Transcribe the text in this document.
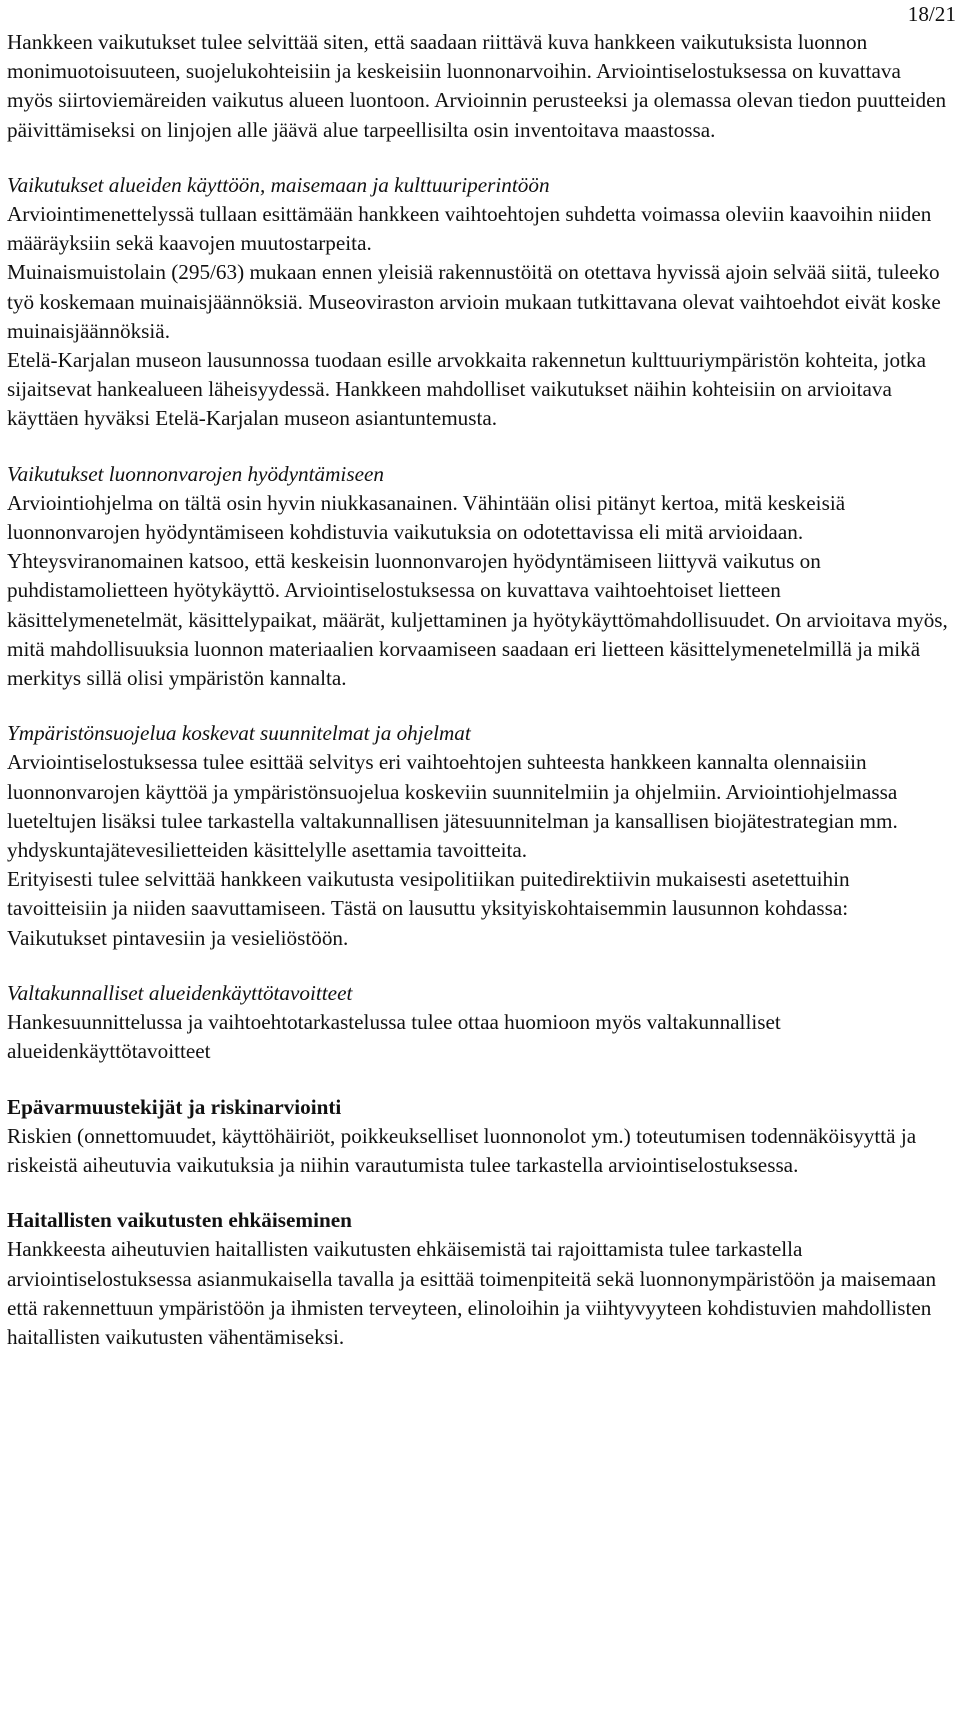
18/21

Hankkeen vaikutukset tulee selvittää siten, että saadaan riittävä kuva hankkeen vaikutuksista luonnon monimuotoisuuteen, suojelukohteisiin ja keskeisiin luonnonarvoihin. Arviointiselostuksessa on kuvattava myös siirtoviemäreiden vaikutus alueen luontoon. Arvioinnin perusteeksi ja olemassa olevan tiedon puutteiden päivittämiseksi on linjojen alle jäävä alue tarpeellisilta osin inventoitava maastossa.

Vaikutukset alueiden käyttöön, maisemaan ja kulttuuriperintöön

Arviointimenettelyssä tullaan esittämään hankkeen vaihtoehtojen suhdetta voimassa oleviin kaavoihin niiden määräyksiin sekä kaavojen muutostarpeita.

Muinaismuistolain (295/63) mukaan ennen yleisiä rakennustöitä on otettava hyvissä ajoin selvää siitä, tuleeko työ koskemaan muinaisjäännöksiä. Museoviraston arvioin mukaan tutkittavana olevat vaihtoehdot eivät koske muinaisjäännöksiä.

Etelä-Karjalan museon lausunnossa tuodaan esille arvokkaita rakennetun kulttuuriympäristön kohteita, jotka sijaitsevat hankealueen läheisyydessä. Hankkeen mahdolliset vaikutukset näihin kohteisiin on arvioitava käyttäen hyväksi Etelä-Karjalan museon asiantuntemusta.

Vaikutukset luonnonvarojen hyödyntämiseen

Arviointiohjelma on tältä osin hyvin niukkasanainen. Vähintään olisi pitänyt kertoa, mitä keskeisiä luonnonvarojen hyödyntämiseen kohdistuvia vaikutuksia on odotettavissa eli mitä arvioidaan.

Yhteysviranomainen katsoo, että keskeisin luonnonvarojen hyödyntämiseen liittyvä vaikutus on puhdistamolietteen hyötykäyttö. Arviointiselostuksessa on kuvattava vaihtoehtoiset lietteen käsittelymenetelmät, käsittelypaikat, määrät, kuljettaminen ja hyötykäyttömahdollisuudet. On arvioitava myös, mitä mahdollisuuksia luonnon materiaalien korvaamiseen saadaan eri lietteen käsittelymenetelmillä ja mikä merkitys sillä olisi ympäristön kannalta.

Ympäristönsuojelua koskevat suunnitelmat ja ohjelmat

Arviointiselostuksessa tulee esittää selvitys eri vaihtoehtojen suhteesta hankkeen kannalta olennaisiin luonnonvarojen käyttöä ja ympäristönsuojelua koskeviin suunnitelmiin ja ohjelmiin. Arviointiohjelmassa lueteltujen lisäksi tulee tarkastella valtakunnallisen jätesuunnitelman ja kansallisen biojätestrategian mm. yhdyskuntajätevesilietteiden käsittelylle asettamia tavoitteita.

Erityisesti tulee selvittää hankkeen vaikutusta vesipolitiikan puitedirektiivin mukaisesti asetettuihin tavoitteisiin ja niiden saavuttamiseen. Tästä on lausuttu yksityiskohtaisemmin lausunnon kohdassa: Vaikutukset pintavesiin ja vesieliöstöön.

Valtakunnalliset alueidenkäyttötavoitteet

Hankesuunnittelussa ja vaihtoehtotarkastelussa tulee ottaa huomioon myös valtakunnalliset alueidenkäyttötavoitteet

Epävarmuustekijät ja riskinarviointi

Riskien (onnettomuudet, käyttöhäiriöt, poikkeukselliset luonnonolot ym.) toteutumisen todennäköisyyttä ja riskeistä aiheutuvia vaikutuksia ja niihin varautumista tulee tarkastella arviointiselostuksessa.

Haitallisten vaikutusten ehkäiseminen

Hankkeesta aiheutuvien haitallisten vaikutusten ehkäisemistä tai rajoittamista tulee tarkastella arviointiselostuksessa asianmukaisella tavalla ja esittää toimenpiteitä sekä luonnonympäristöön ja maisemaan että rakennettuun ympäristöön ja ihmisten terveyteen, elinoloihin ja viihtyvyyteen kohdistuvien mahdollisten haitallisten vaikutusten vähentämiseksi.
